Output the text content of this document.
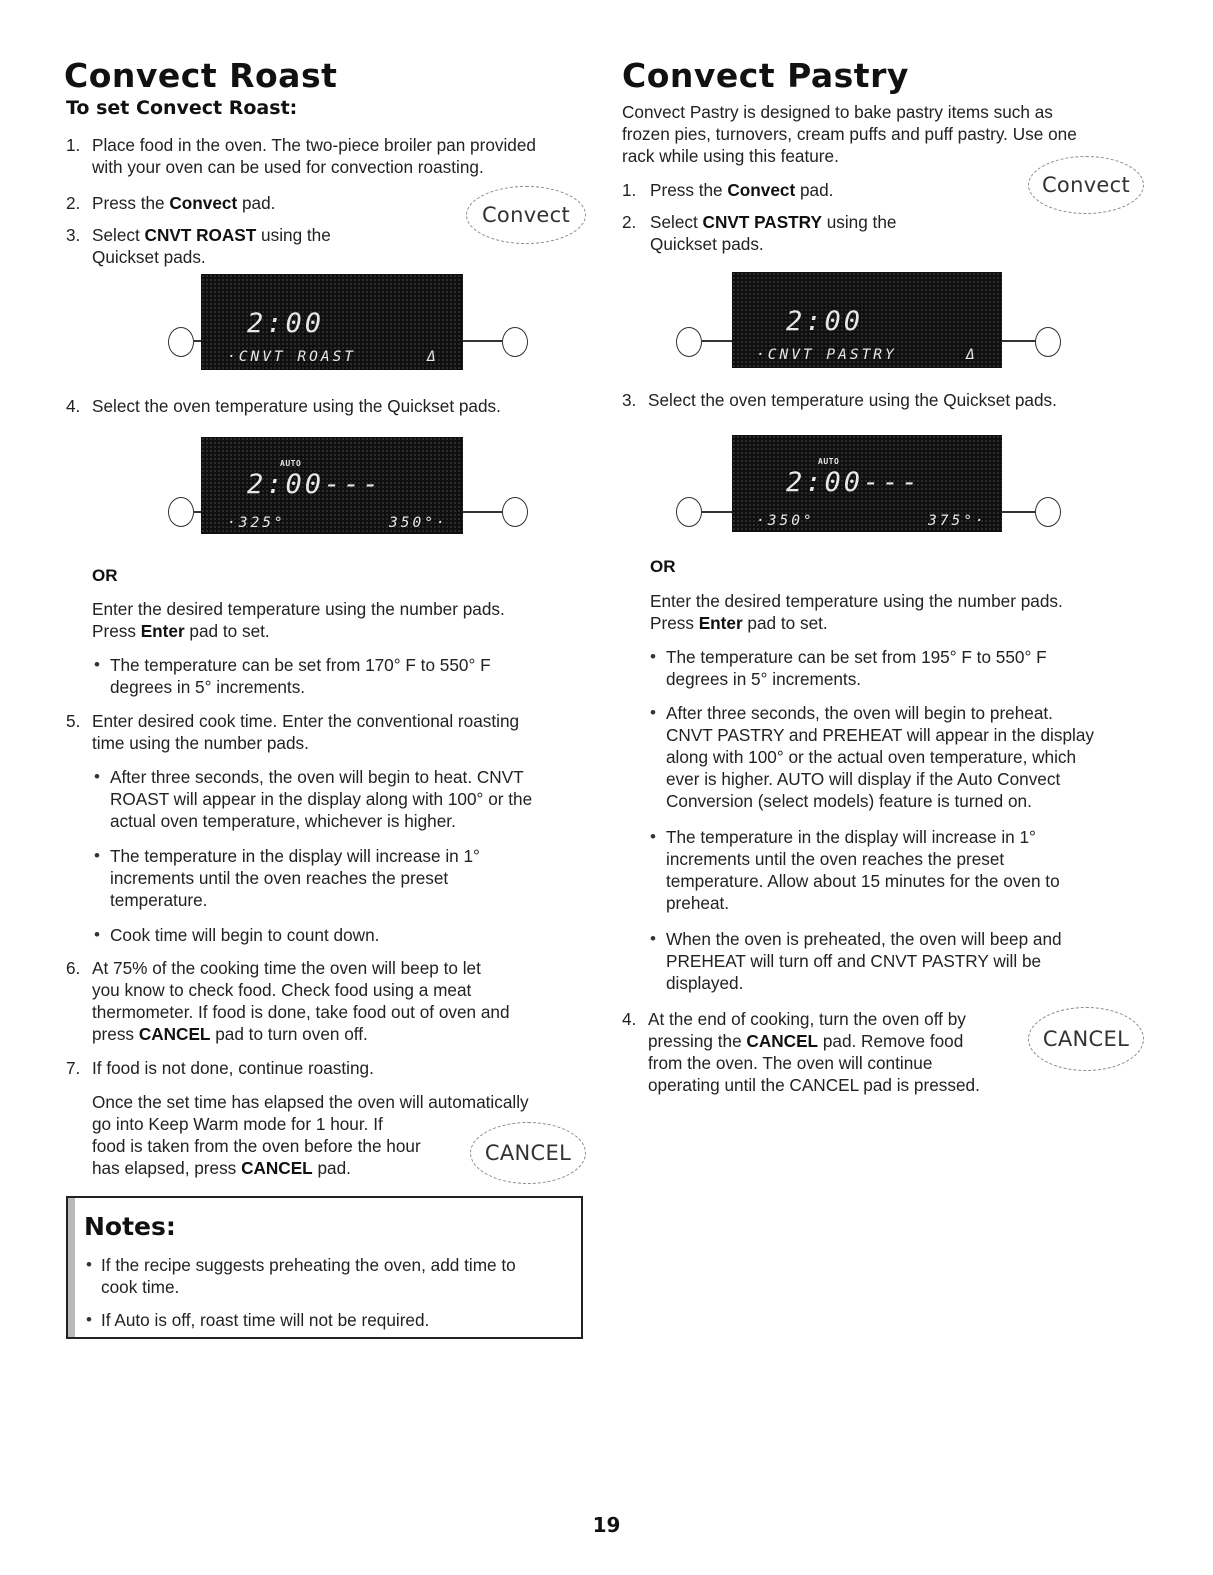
Convect Roast
To set Convect Roast:
1. Place food in the oven. The two-piece broiler pan provided
with your oven can be used for convection roasting.
2. Press the Convect pad.
3. Select CNVT ROAST using the
Quickset pads.
Convect
2:00
·CNVT ROAST	Δ
4. Select the oven temperature using the Quickset pads.
AUTO
2:00---
·325°	350°·
OR
Enter the desired temperature using the number pads.
Press Enter pad to set.
• The temperature can be set from 170° F to 550° F
degrees in 5° increments.
5. Enter desired cook time. Enter the conventional roasting
time using the number pads.
• After three seconds, the oven will begin to heat. CNVT
ROAST will appear in the display along with 100° or the
actual oven temperature, whichever is higher.
• The temperature in the display will increase in 1°
increments until the oven reaches the preset
temperature.
• Cook time will begin to count down.
6. At 75% of the cooking time the oven will beep to let
you know to check food. Check food using a meat
thermometer. If food is done, take food out of oven and
press CANCEL pad to turn oven off.
7. If food is not done, continue roasting.
Once the set time has elapsed the oven will automatically
go into Keep Warm mode for 1 hour. If
food is taken from the oven before the hour
has elapsed, press CANCEL pad.
CANCEL
Notes:
• If the recipe suggests preheating the oven, add time to
cook time.
• If Auto is off, roast time will not be required.
Convect Pastry
Convect Pastry is designed to bake pastry items such as
frozen pies, turnovers, cream puffs and puff pastry. Use one
rack while using this feature.
1. Press the Convect pad.	Convect
2. Select CNVT PASTRY using the
Quickset pads.
2:00
·CNVT PASTRY	Δ
3. Select the oven temperature using the Quickset pads.
AUTO
2:00---
·350°	375°·
OR
Enter the desired temperature using the number pads.
Press Enter pad to set.
• The temperature can be set from 195° F to 550° F
degrees in 5° increments.
• After three seconds, the oven will begin to preheat.
CNVT PASTRY and PREHEAT will appear in the display
along with 100° or the actual oven temperature, which
ever is higher. AUTO will display if the Auto Convect
Conversion (select models) feature is turned on.
• The temperature in the display will increase in 1°
increments until the oven reaches the preset
temperature. Allow about 15 minutes for the oven to
preheat.
• When the oven is preheated, the oven will beep and
PREHEAT will turn off and CNVT PASTRY will be
displayed.
4. At the end of cooking, turn the oven off by
pressing the CANCEL pad. Remove food
from the oven. The oven will continue
operating until the CANCEL pad is pressed.
CANCEL
19
